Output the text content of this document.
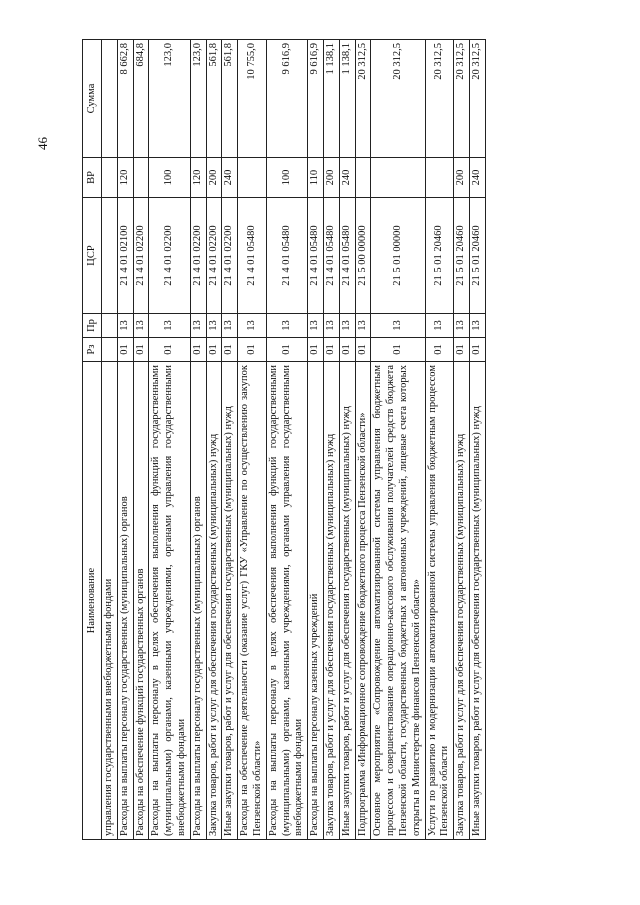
46
Наименование	Рз	Пр	ЦСР	ВР	Сумма
управления государственными внебюджетными фондами					
Расходы на выплаты персоналу государственных (муниципальных) органов	01	13	21 4 01 02100	120	8 662,8
Расходы на обеспечение функций государственных органов	01	13	21 4 01 02200		684,8
Расходы на выплаты персоналу в целях обеспечения выполнения функций государственными (муниципальными) органами, казенными учреждениями, органами управления государственными внебюджетными фондами	01	13	21 4 01 02200	100	123,0
Расходы на выплаты персоналу государственных (муниципальных) органов	01	13	21 4 01 02200	120	123,0
Закупка товаров, работ и услуг для обеспечения государственных (муниципальных) нужд	01	13	21 4 01 02200	200	561,8
Иные закупки товаров, работ и услуг для обеспечения государственных (муниципальных) нужд	01	13	21 4 01 02200	240	561,8
Расходы на обеспечение деятельности (оказание услуг) ГКУ «Управление по осуществлению закупок Пензенской области»	01	13	21 4 01 05480		10 755,0
Расходы на выплаты персоналу в целях обеспечения выполнения функций государственными (муниципальными) органами, казенными учреждениями, органами управления государственными внебюджетными фондами	01	13	21 4 01 05480	100	9 616,9
Расходы на выплаты персоналу казенных учреждений	01	13	21 4 01 05480	110	9 616,9
Закупка товаров, работ и услуг для обеспечения государственных (муниципальных) нужд	01	13	21 4 01 05480	200	1 138,1
Иные закупки товаров, работ и услуг для обеспечения государственных (муниципальных) нужд	01	13	21 4 01 05480	240	1 138,1
Подпрограмма «Информационное сопровождение бюджетного процесса Пензенской области»	01	13	21 5 00 00000		20 312,5
Основное мероприятие «Сопровождение автоматизированной системы управления бюджетным процессом и совершенствование операционно-кассового обслуживания получателей средств бюджета Пензенской области, государственных бюджетных и автономных учреждений, лицевые счета которых открыты в Министерстве финансов Пензенской области»	01	13	21 5 01 00000		20 312,5
Услуги по развитию и модернизации автоматизированной системы управления бюджетным процессом Пензенской области	01	13	21 5 01 20460		20 312,5
Закупка товаров, работ и услуг для обеспечения государственных (муниципальных) нужд	01	13	21 5 01 20460	200	20 312,5
Иные закупки товаров, работ и услуг для обеспечения государственных (муниципальных) нужд	01	13	21 5 01 20460	240	20 312,5
